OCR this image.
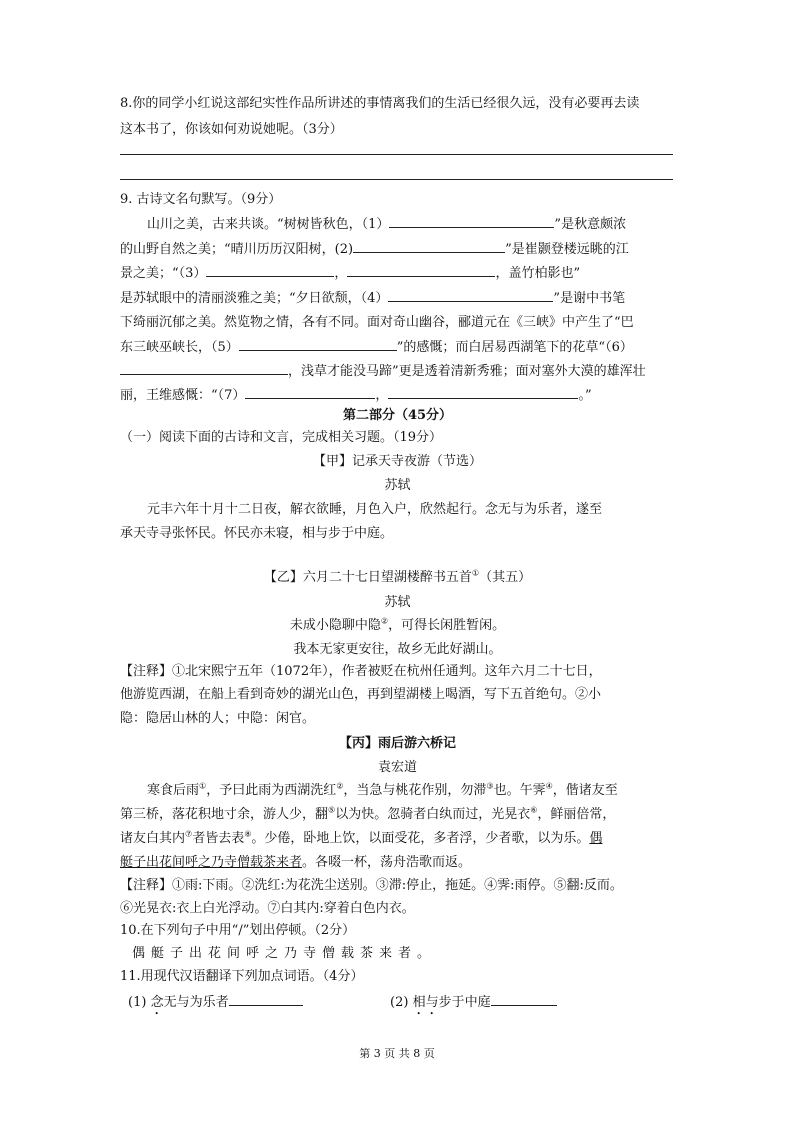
8.你的同学小红说这部纪实性作品所讲述的事情离我们的生活已经很久远，没有必要再去读
这本书了，你该如何劝说她呢。（3分）
9. 古诗文名句默写。（9分）
山川之美，古来共谈。“树树皆秋色，（1）	”是秋意颇浓
的山野自然之美；“晴川历历汉阳树，(2)	”是崔颢登楼远眺的江
景之美；“（3）	，	，盖竹柏影也”
是苏轼眼中的清丽淡雅之美；“夕日欲颓，（4）	”是谢中书笔
下绮丽沉郁之美。然览物之情，各有不同。面对奇山幽谷，郦道元在《三峡》中产生了“巴
东三峡巫峡长，（5）	”的感慨；而白居易西湖笔下的花草“（6）
，浅草才能没马蹄”更是透着清新秀雅；面对塞外大漠的雄浑壮
丽，王维感慨：“（7）	，	。”
第二部分（45分）
（一）阅读下面的古诗和文言，完成相关习题。（19分）
【甲】记承天寺夜游（节选）
苏轼
元丰六年十月十二日夜，解衣欲睡，月色入户，欣然起行。念无与为乐者，遂至
承天寺寻张怀民。怀民亦未寝，相与步于中庭。
【乙】六月二十七日望湖楼醉书五首①（其五）
苏轼
未成小隐聊中隐②，可得长闲胜暂闲。
我本无家更安往，故乡无此好湖山。
【注释】①北宋熙宁五年（1072年），作者被贬在杭州任通判。这年六月二十七日，
他游览西湖，在船上看到奇妙的湖光山色，再到望湖楼上喝酒，写下五首绝句。②小
隐：隐居山林的人；中隐：闲官。
【丙】雨后游六桥记
袁宏道
寒食后雨①，予曰此雨为西湖洗红②，当急与桃花作别，勿滞③也。午霁④，偕诸友至
第三桥，落花积地寸余，游人少，翻⑤以为快。忽骑者白纨而过，光晃衣⑥，鲜丽倍常，
诸友白其内⑦者皆去表⑧。少倦，卧地上饮，以面受花，多者浮，少者歌，以为乐。偶
艇子出花间呼之乃寺僧载茶来者。各啜一杯，荡舟浩歌而返。
【注释】①雨:下雨。②洗红:为花洗尘送别。③滞:停止，拖延。④霁:雨停。⑤翻:反而。
⑥光晃衣:衣上白光浮动。⑦白其内:穿着白色内衣。
10.在下列句子中用“/”划出停顿。（2分）
偶艇子出花间呼之乃寺僧载茶来者。
11.用现代汉语翻译下列加点词语。（4分）
(1) 念无与为乐者	(2) 相与步于中庭
第 3 页 共 8 页
